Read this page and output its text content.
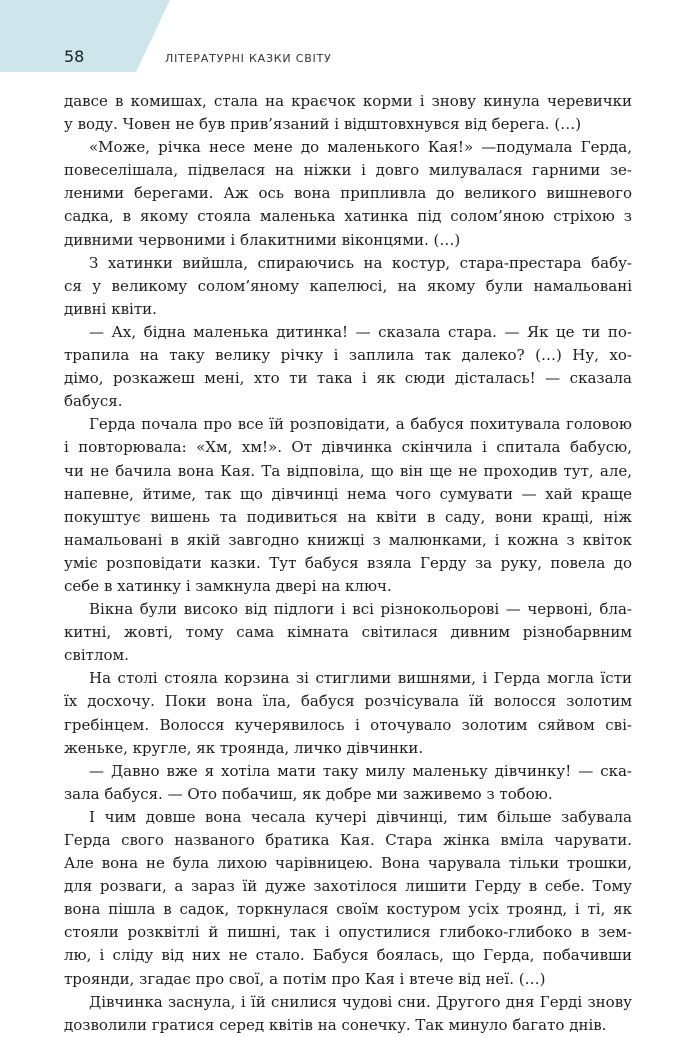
58	ЛІТЕРАТУРНІ КАЗКИ СВІТУ
давсе в комишах, стала на краєчок корми і знову кинула черевички
у воду. Човен не був прив’язаний і відштовхнувся від берега. (…)
«Може, річка несе мене до маленького Кая!» —подумала Герда,
повеселішала, підвелася на ніжки і довго милувалася гарними зе-
леними берегами. Аж ось вона припливла до великого вишневого
садка, в якому стояла маленька хатинка під солом’яною стріхою з
дивними червоними і блакитними віконцями. (…)
З хатинки вийшла, спираючись на костур, стара-престара бабу-
ся у великому солом’яному капелюсі, на якому були намальовані
дивні квіти.
— Ах, бідна маленька дитинка! — сказала стара. — Як це ти по-
трапила на таку велику річку і заплила так далеко? (…) Ну, хо-
дімо, розкажеш мені, хто ти така і як сюди дісталась! — сказала
бабуся.
Герда почала про все їй розповідати, а бабуся похитувала головою
і повторювала: «Хм, хм!». От дівчинка скінчила і спитала бабусю,
чи не бачила вона Кая. Та відповіла, що він ще не проходив тут, але,
напевне, йтиме, так що дівчинці нема чого сумувати — хай краще
покуштує вишень та подивиться на квіти в саду, вони кращі, ніж
намальовані в якій завгодно книжці з малюнками, і кожна з квіток
уміє розповідати казки. Тут бабуся взяла Герду за руку, повела до
себе в хатинку і замкнула двері на ключ.
Вікна були високо від підлоги і всі різнокольорові — червоні, бла-
китні, жовті, тому сама кімната світилася дивним різнобарвним
світлом.
На столі стояла корзина зі стиглими вишнями, і Герда могла їсти
їх досхочу. Поки вона їла, бабуся розчісувала їй волосся золотим
гребінцем. Волосся кучерявилось і оточувало золотим сяйвом сві-
женьке, кругле, як троянда, личко дівчинки.
— Давно вже я хотіла мати таку милу маленьку дівчинку! — ска-
зала бабуся. — Ото побачиш, як добре ми заживемо з тобою.
І чим довше вона чесала кучері дівчинці, тим більше забувала
Герда свого названого братика Кая. Стара жінка вміла чарувати.
Але вона не була лихою чарівницею. Вона чарувала тільки трошки,
для розваги, а зараз їй дуже захотілося лишити Герду в себе. Тому
вона пішла в садок, торкнулася своїм костуром усіх троянд, і ті, як
стояли розквітлі й пишні, так і опустилися глибоко-глибоко в зем-
лю, і сліду від них не стало. Бабуся боялась, що Герда, побачивши
троянди, згадає про свої, а потім про Кая і втече від неї. (…)
Дівчинка заснула, і їй снилися чудові сни. Другого дня Герді знову
дозволили гратися серед квітів на сонечку. Так минуло багато днів.
